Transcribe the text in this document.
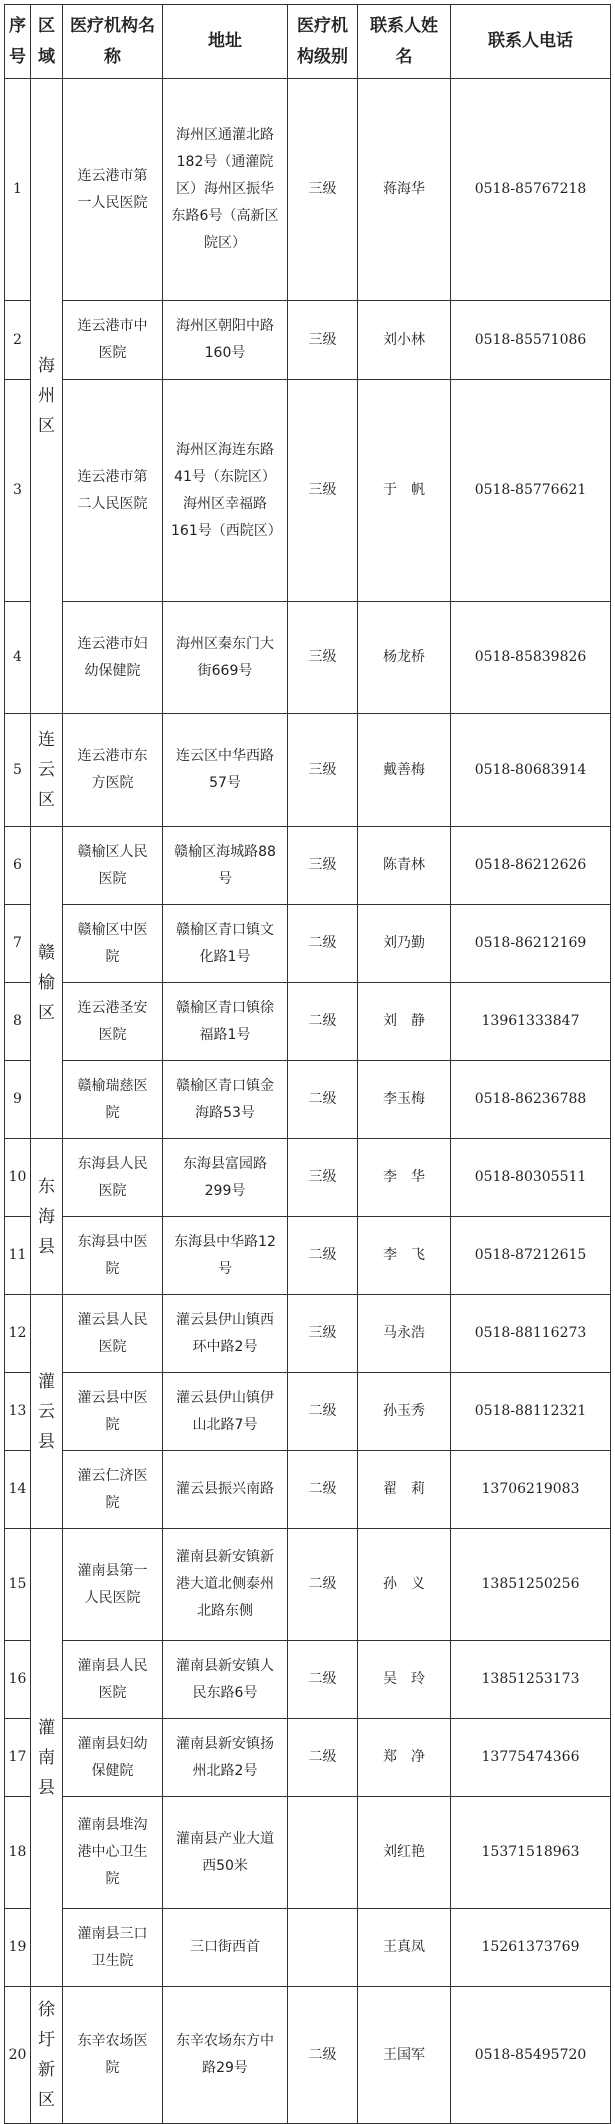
序号	区域	医疗机构名称	地址	医疗机构级别	联系人姓名	联系人电话
1	海州区	连云港市第一人民医院	海州区通灌北路182号（通灌院区）海州区振华东路6号（高新区院区）	三级	蒋海华	0518-85767218
2		连云港市中医院	海州区朝阳中路160号	三级	刘小林	0518-85571086
3		连云港市第二人民医院	海州区海连东路41号（东院区）海州区幸福路161号（西院区）	三级	于　帆	0518-85776621
4		连云港市妇幼保健院	海州区秦东门大街669号	三级	杨龙桥	0518-85839826
5	连云区	连云港市东方医院	连云区中华西路57号	三级	戴善梅	0518-80683914
6	赣榆区	赣榆区人民医院	赣榆区海城路88号	三级	陈青林	0518-86212626
7		赣榆区中医院	赣榆区青口镇文化路1号	二级	刘乃勤	0518-86212169
8		连云港圣安医院	赣榆区青口镇徐福路1号	二级	刘　静	13961333847
9		赣榆瑞慈医院	赣榆区青口镇金海路53号	二级	李玉梅	0518-86236788
10	东海县	东海县人民医院	东海县富园路299号	三级	李　华	0518-80305511
11		东海县中医院	东海县中华路12号	二级	李　飞	0518-87212615
12	灌云县	灌云县人民医院	灌云县伊山镇西环中路2号	三级	马永浩	0518-88116273
13		灌云县中医院	灌云县伊山镇伊山北路7号	二级	孙玉秀	0518-88112321
14		灌云仁济医院	灌云县振兴南路	二级	翟　莉	13706219083
15	灌南县	灌南县第一人民医院	灌南县新安镇新港大道北侧泰州北路东侧	二级	孙　义	13851250256
16		灌南县人民医院	灌南县新安镇人民东路6号	二级	吴　玲	13851253173
17		灌南县妇幼保健院	灌南县新安镇扬州北路2号	二级	郑　净	13775474366
18		灌南县堆沟港中心卫生院	灌南县产业大道西50米		刘红艳	15371518963
19		灌南县三口卫生院	三口街西首		王真凤	15261373769
20	徐圩新区	东辛农场医院	东辛农场东方中路29号	二级	王国军	0518-85495720
